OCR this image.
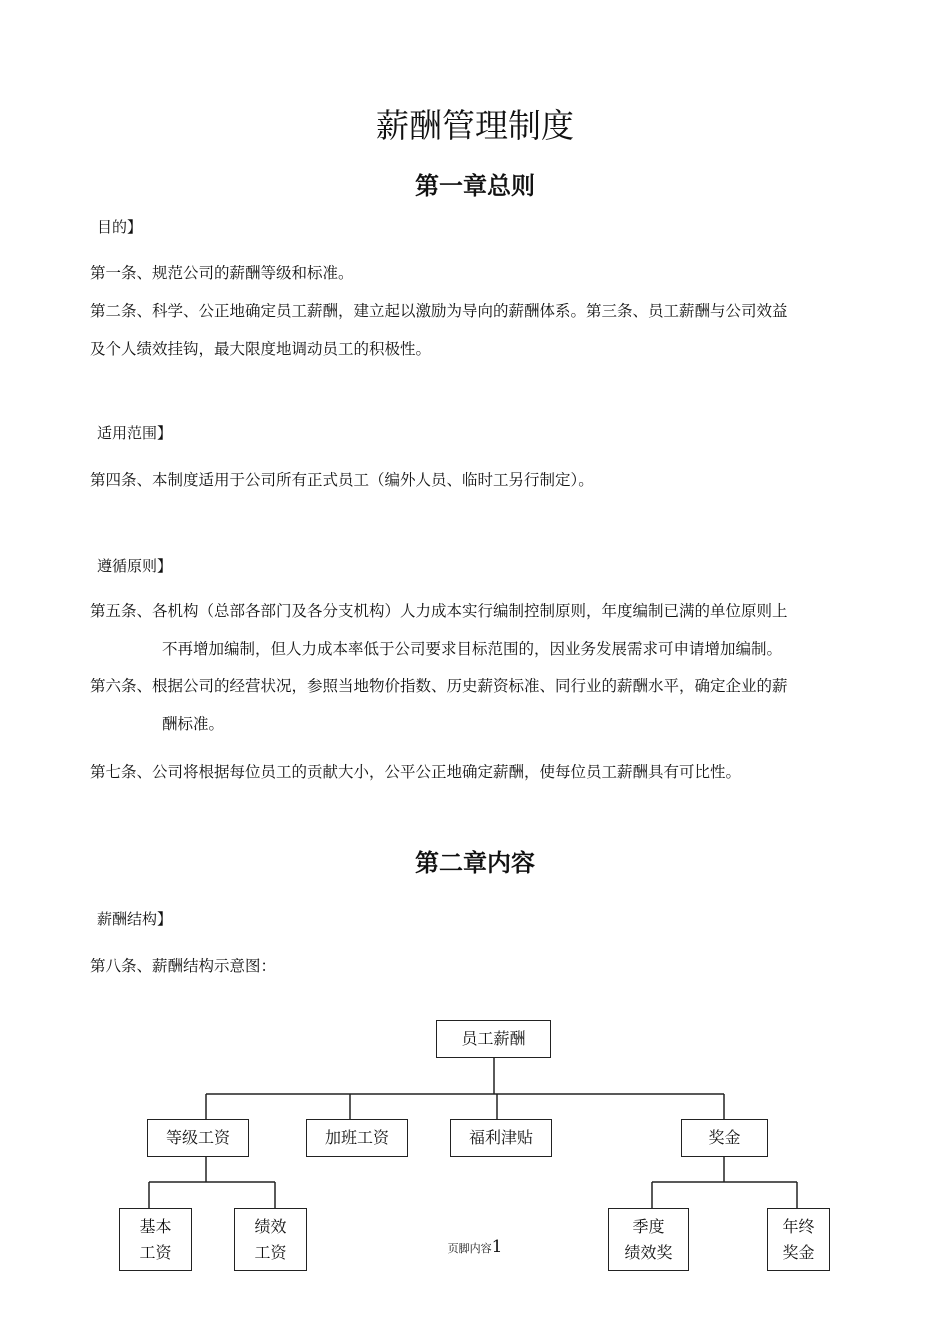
薪酬管理制度
第一章总则
目的】
第一条、规范公司的薪酬等级和标准。
第二条、科学、公正地确定员工薪酬，建立起以激励为导向的薪酬体系。第三条、员工薪酬与公司效益
及个人绩效挂钩，最大限度地调动员工的积极性。
适用范围】
第四条、本制度适用于公司所有正式员工（编外人员、临时工另行制定）。
遵循原则】
第五条、各机构（总部各部门及各分支机构）人力成本实行编制控制原则，年度编制已满的单位原则上
不再增加编制，但人力成本率低于公司要求目标范围的，因业务发展需求可申请增加编制。
第六条、根据公司的经营状况，参照当地物价指数、历史薪资标准、同行业的薪酬水平，确定企业的薪
酬标准。
第七条、公司将根据每位员工的贡献大小，公平公正地确定薪酬，使每位员工薪酬具有可比性。
第二章内容
薪酬结构】
第八条、薪酬结构示意图：
员工薪酬
等级工资	加班工资	福利津贴	奖金
基本
工资
绩效
工资
季度
绩效奖
年终
奖金
页脚内容1
